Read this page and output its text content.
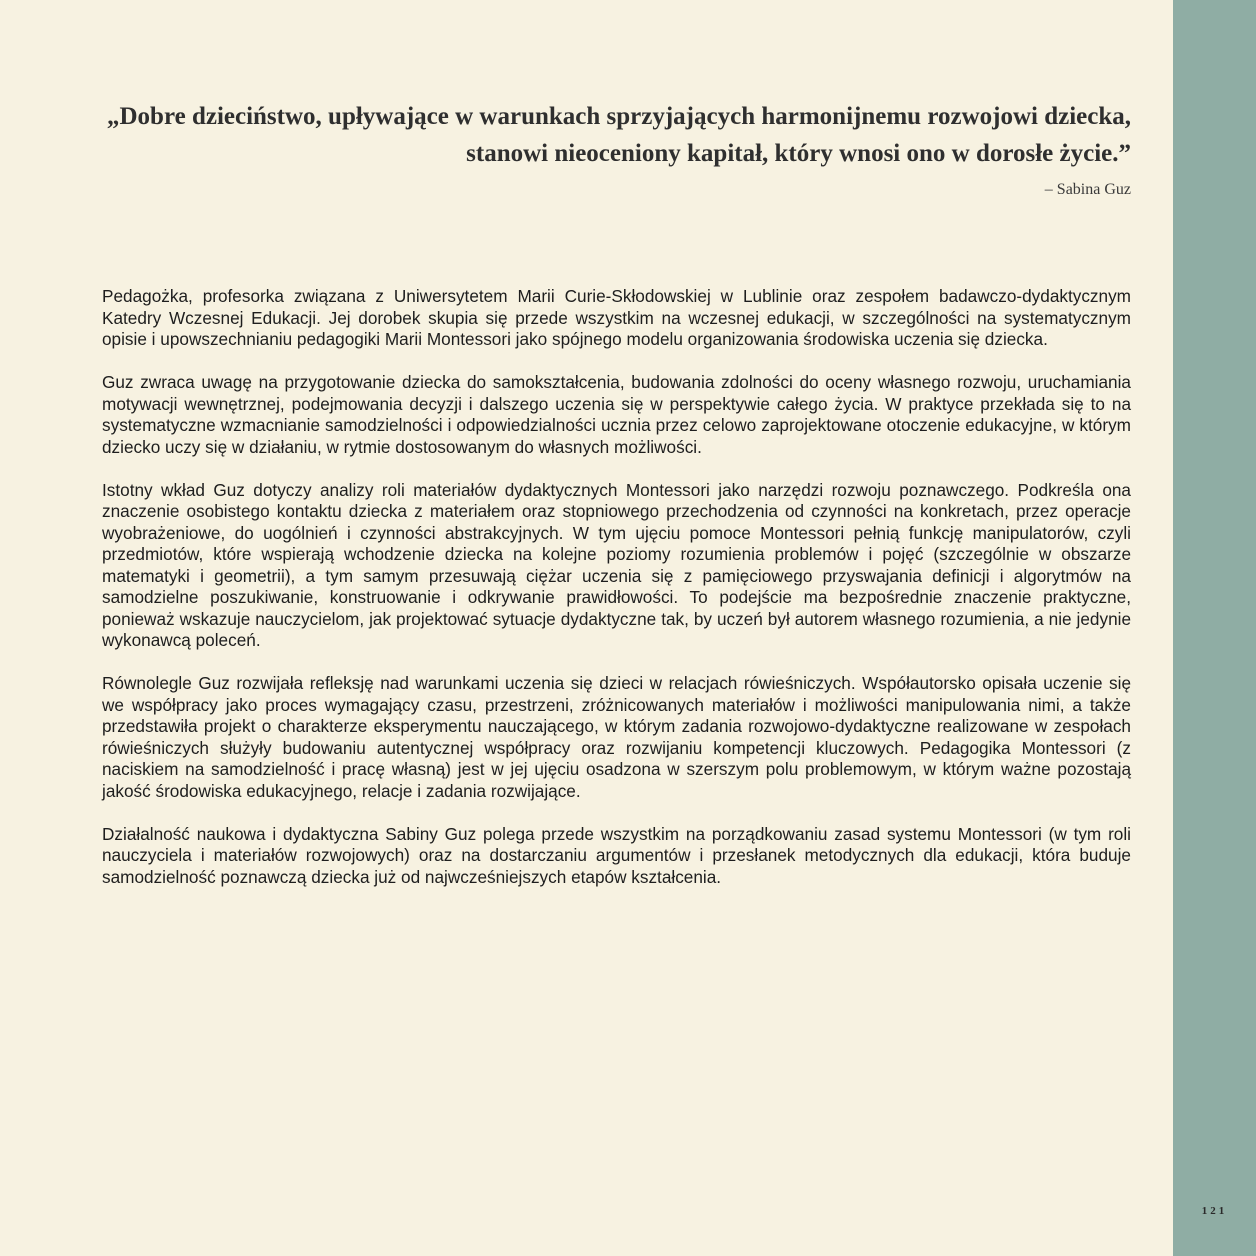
„Dobre dzieciństwo, upływające w warunkach sprzyjających harmonijnemu rozwojowi dziecka,
stanowi nieoceniony kapitał, który wnosi ono w dorosłe życie.”
– Sabina Guz

Pedagożka, profesorka związana z Uniwersytetem Marii Curie-Skłodowskiej w Lublinie oraz zespołem badawczo-dydaktycznym Katedry Wczesnej Edukacji. Jej dorobek skupia się przede wszystkim na wczesnej edukacji, w szczególności na systematycznym opisie i upowszechnianiu pedagogiki Marii Montessori jako spójnego modelu organizowania środowiska uczenia się dziecka.

Guz zwraca uwagę na przygotowanie dziecka do samokształcenia, budowania zdolności do oceny własnego rozwoju, uruchamiania motywacji wewnętrznej, podejmowania decyzji i dalszego uczenia się w perspektywie całego życia. W praktyce przekłada się to na systematyczne wzmacnianie samodzielności i odpowiedzialności ucznia przez celowo zaprojektowane otoczenie edukacyjne, w którym dziecko uczy się w działaniu, w rytmie dostosowanym do własnych możliwości.

Istotny wkład Guz dotyczy analizy roli materiałów dydaktycznych Montessori jako narzędzi rozwoju poznawczego. Podkreśla ona znaczenie osobistego kontaktu dziecka z materiałem oraz stopniowego przechodzenia od czynności na konkretach, przez operacje wyobrażeniowe, do uogólnień i czynności abstrakcyjnych. W tym ujęciu pomoce Montessori pełnią funkcję manipulatorów, czyli przedmiotów, które wspierają wchodzenie dziecka na kolejne poziomy rozumienia problemów i pojęć (szczególnie w obszarze matematyki i geometrii), a tym samym przesuwają ciężar uczenia się z pamięciowego przyswajania definicji i algorytmów na samodzielne poszukiwanie, konstruowanie i odkrywanie prawidłowości. To podejście ma bezpośrednie znaczenie praktyczne, ponieważ wskazuje nauczycielom, jak projektować sytuacje dydaktyczne tak, by uczeń był autorem własnego rozumienia, a nie jedynie wykonawcą poleceń.

Równolegle Guz rozwijała refleksję nad warunkami uczenia się dzieci w relacjach rówieśniczych. Współautorsko opisała uczenie się we współpracy jako proces wymagający czasu, przestrzeni, zróżnicowanych materiałów i możliwości manipulowania nimi, a także przedstawiła projekt o charakterze eksperymentu nauczającego, w którym zadania rozwojowo-dydaktyczne realizowane w zespołach rówieśniczych służyły budowaniu autentycznej współpracy oraz rozwijaniu kompetencji kluczowych. Pedagogika Montessori (z naciskiem na samodzielność i pracę własną) jest w jej ujęciu osadzona w szerszym polu problemowym, w którym ważne pozostają jakość środowiska edukacyjnego, relacje i zadania rozwijające.

Działalność naukowa i dydaktyczna Sabiny Guz polega przede wszystkim na porządkowaniu zasad systemu Montessori (w tym roli nauczyciela i materiałów rozwojowych) oraz na dostarczaniu argumentów i przesłanek metodycznych dla edukacji, która buduje samodzielność poznawczą dziecka już od najwcześniejszych etapów kształcenia.

121
